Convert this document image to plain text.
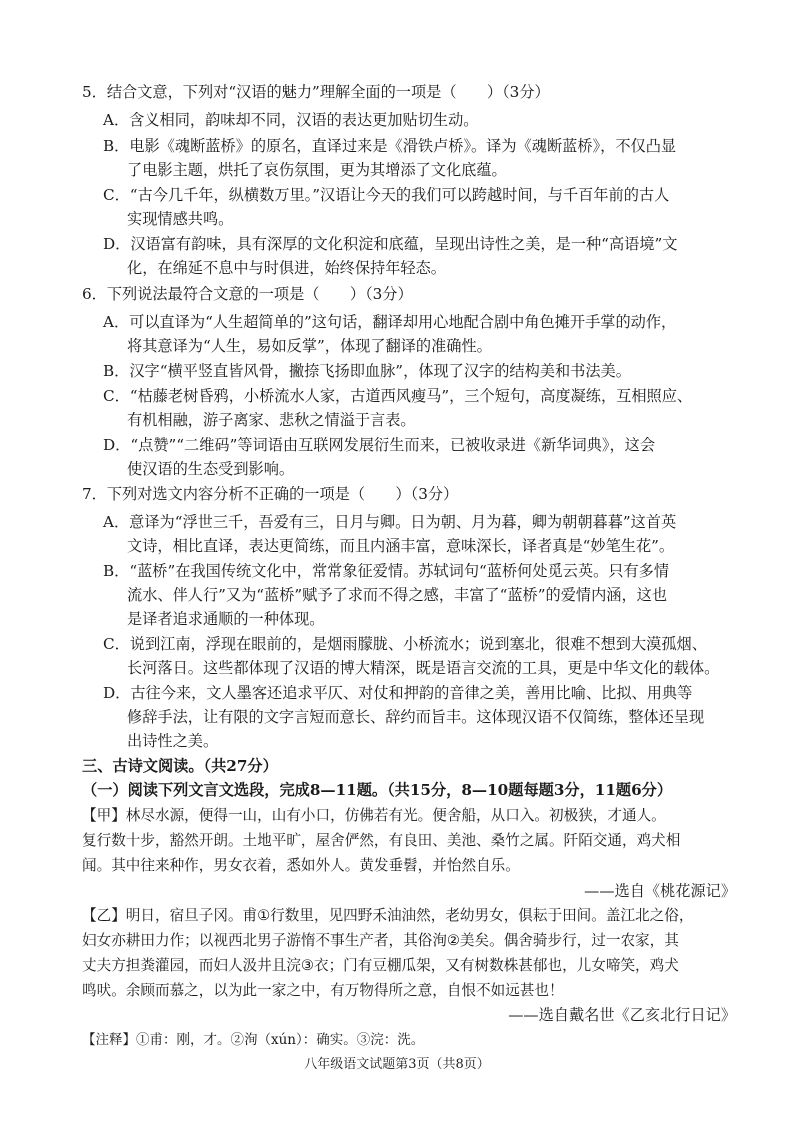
5．结合文意，下列对“汉语的魅力”理解全面的一项是（　　）（3分）
A．含义相同，韵味却不同，汉语的表达更加贴切生动。
B．电影《魂断蓝桥》的原名，直译过来是《滑铁卢桥》。译为《魂断蓝桥》，不仅凸显
了电影主题，烘托了哀伤氛围，更为其增添了文化底蕴。
C．“古今几千年，纵横数万里。”汉语让今天的我们可以跨越时间，与千百年前的古人
实现情感共鸣。
D．汉语富有韵味，具有深厚的文化积淀和底蕴，呈现出诗性之美，是一种“高语境”文
化，在绵延不息中与时俱进，始终保持年轻态。
6．下列说法最符合文意的一项是（　　）（3分）
A．可以直译为“人生超简单的”这句话，翻译却用心地配合剧中角色摊开手掌的动作，
将其意译为“人生，易如反掌”，体现了翻译的准确性。
B．汉字“横平竖直皆风骨，撇捺飞扬即血脉”，体现了汉字的结构美和书法美。
C．“枯藤老树昏鸦，小桥流水人家，古道西风瘦马”，三个短句，高度凝练，互相照应、
有机相融，游子离家、悲秋之情溢于言表。
D．“点赞”“二维码”等词语由互联网发展衍生而来，已被收录进《新华词典》，这会
使汉语的生态受到影响。
7．下列对选文内容分析不正确的一项是（　　）（3分）
A．意译为“浮世三千，吾爱有三，日月与卿。日为朝、月为暮，卿为朝朝暮暮”这首英
文诗，相比直译，表达更简练，而且内涵丰富，意味深长，译者真是“妙笔生花”。
B．“蓝桥”在我国传统文化中，常常象征爱情。苏轼词句“蓝桥何处觅云英。只有多情
流水、伴人行”又为“蓝桥”赋予了求而不得之感，丰富了“蓝桥”的爱情内涵，这也
是译者追求通顺的一种体现。
C．说到江南，浮现在眼前的，是烟雨朦胧、小桥流水；说到塞北，很难不想到大漠孤烟、
长河落日。这些都体现了汉语的博大精深，既是语言交流的工具，更是中华文化的载体。
D．古往今来，文人墨客还追求平仄、对仗和押韵的音律之美，善用比喻、比拟、用典等
修辞手法，让有限的文字言短而意长、辞约而旨丰。这体现汉语不仅简练，整体还呈现
出诗性之美。
三、古诗文阅读。（共27分）
（一）阅读下列文言文选段，完成8—11题。（共15分，8—10题每题3分，11题6分）
【甲】林尽水源，便得一山，山有小口，仿佛若有光。便舍船，从口入。初极狭，才通人。
复行数十步，豁然开朗。土地平旷，屋舍俨然，有良田、美池、桑竹之属。阡陌交通，鸡犬相
闻。其中往来种作，男女衣着，悉如外人。黄发垂髫，并怡然自乐。
——选自《桃花源记》
【乙】明日，宿旦子冈。甫①行数里，见四野禾油油然，老幼男女，俱耘于田间。盖江北之俗，
妇女亦耕田力作；以视西北男子游惰不事生产者，其俗洵②美矣。偶舍骑步行，过一农家，其
丈夫方担粪灌园，而妇人汲井且浣③衣；门有豆棚瓜架，又有树数株甚郁也，儿女啼笑，鸡犬
鸣吠。余顾而慕之，以为此一家之中，有万物得所之意，自恨不如远甚也！
——选自戴名世《乙亥北行日记》
【注释】①甫：刚，才。②洵（xún）：确实。③浣：洗。
八年级语文试题第3页（共8页）
